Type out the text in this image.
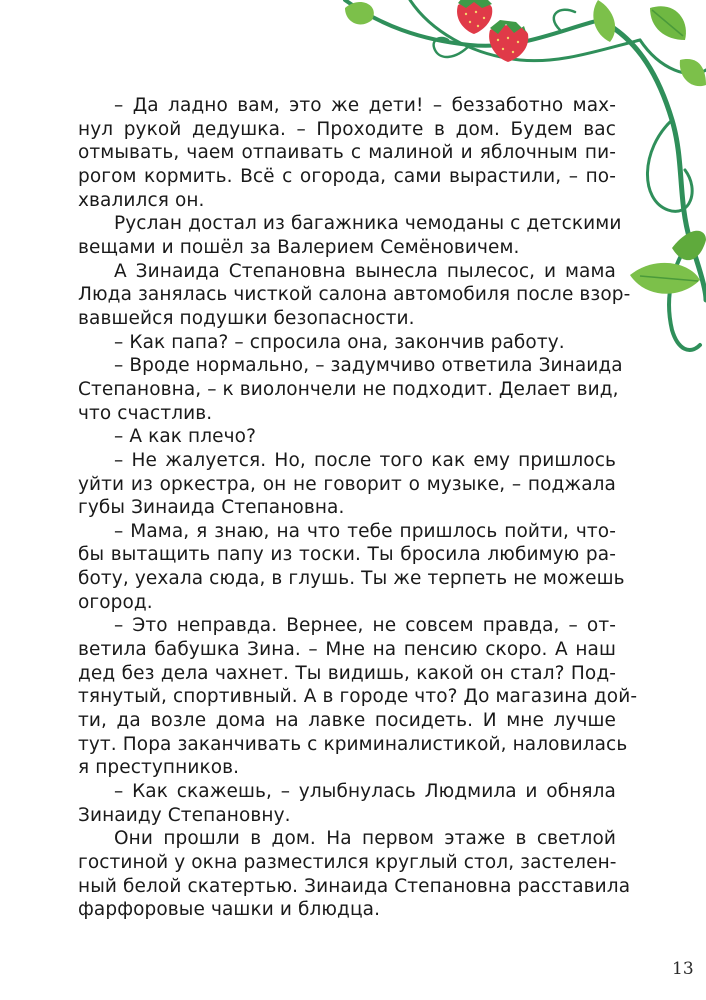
– Да ладно вам, это же дети! – беззаботно мах-
нул рукой дедушка. – Проходите в дом. Будем вас
отмывать, чаем отпаивать с малиной и яблочным пи-
рогом кормить. Всё с огорода, сами вырастили, – по-
хвалился он.
Руслан достал из багажника чемоданы с детскими
вещами и пошёл за Валерием Семёновичем.
А Зинаида Степановна вынесла пылесос, и мама
Люда занялась чисткой салона автомобиля после взор-
вавшейся подушки безопасности.
– Как папа? – спросила она, закончив работу.
– Вроде нормально, – задумчиво ответила Зинаида
Степановна, – к виолончели не подходит. Делает вид,
что счастлив.
– А как плечо?
– Не жалуется. Но, после того как ему пришлось
уйти из оркестра, он не говорит о музыке, – поджала
губы Зинаида Степановна.
– Мама, я знаю, на что тебе пришлось пойти, что-
бы вытащить папу из тоски. Ты бросила любимую ра-
боту, уехала сюда, в глушь. Ты же терпеть не можешь
огород.
– Это неправда. Вернее, не совсем правда, – от-
ветила бабушка Зина. – Мне на пенсию скоро. А наш
дед без дела чахнет. Ты видишь, какой он стал? Под-
тянутый, спортивный. А в городе что? До магазина дой-
ти, да возле дома на лавке посидеть. И мне лучше
тут. Пора заканчивать с криминалистикой, наловилась
я преступников.
– Как скажешь, – улыбнулась Людмила и обняла
Зинаиду Степановну.
Они прошли в дом. На первом этаже в светлой
гостиной у окна разместился круглый стол, застелен-
ный белой скатертью. Зинаида Степановна расставила
фарфоровые чашки и блюдца.
13
